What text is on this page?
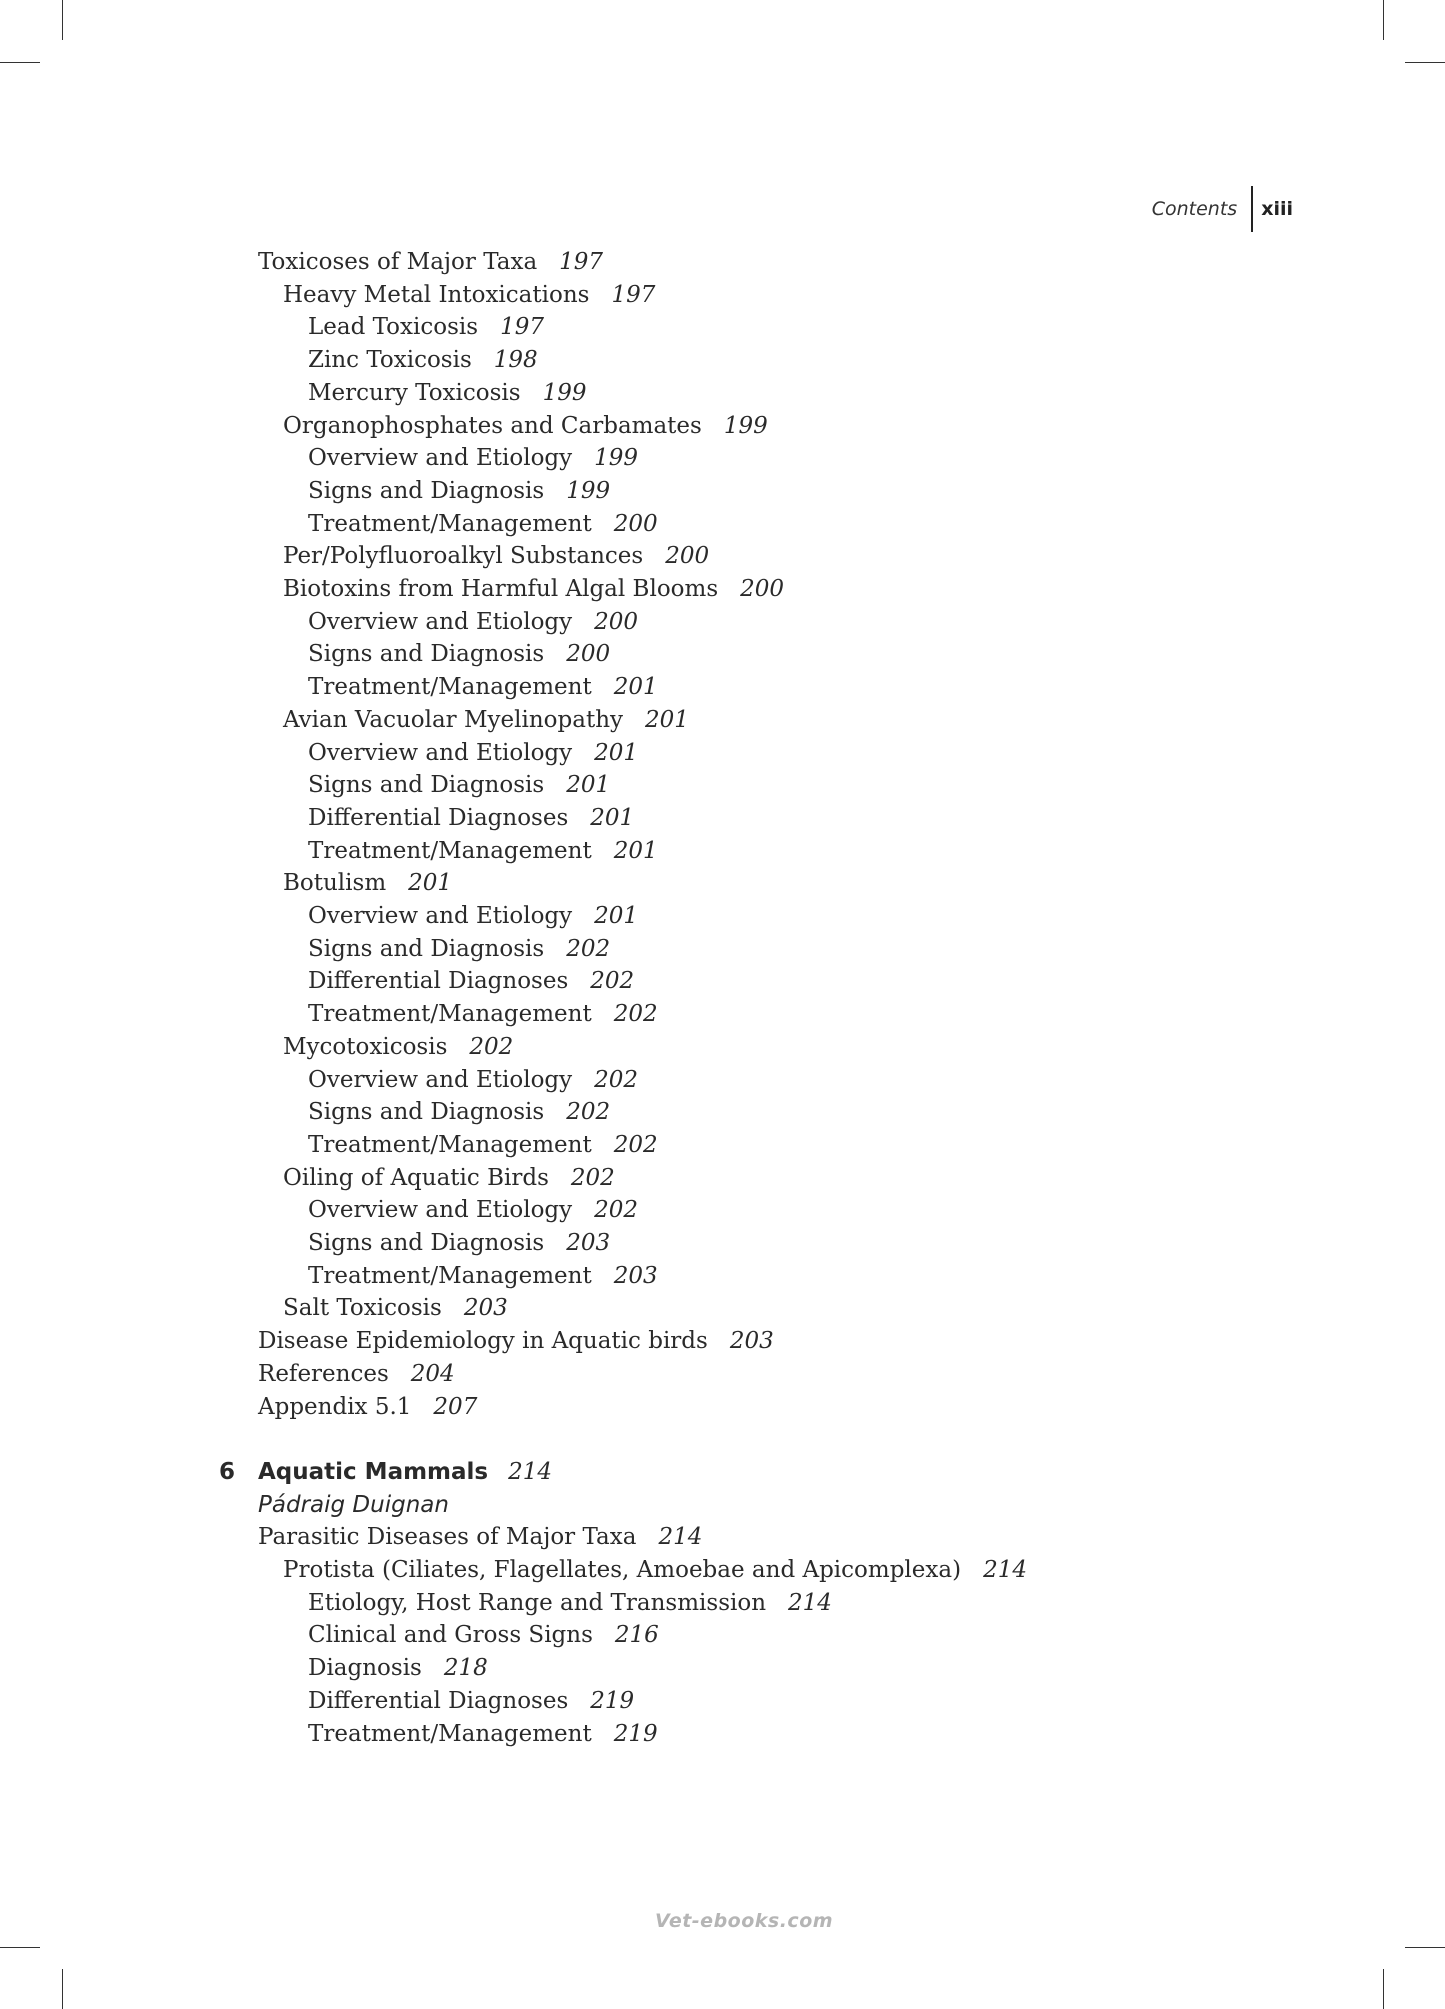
Contents	xiii
Toxicoses of Major Taxa 197
Heavy Metal Intoxications 197
Lead Toxicosis 197
Zinc Toxicosis 198
Mercury Toxicosis 199
Organophosphates and Carbamates 199
Overview and Etiology 199
Signs and Diagnosis 199
Treatment/Management 200
Per/Polyfluoroalkyl Substances 200
Biotoxins from Harmful Algal Blooms 200
Overview and Etiology 200
Signs and Diagnosis 200
Treatment/Management 201
Avian Vacuolar Myelinopathy 201
Overview and Etiology 201
Signs and Diagnosis 201
Differential Diagnoses 201
Treatment/Management 201
Botulism 201
Overview and Etiology 201
Signs and Diagnosis 202
Differential Diagnoses 202
Treatment/Management 202
Mycotoxicosis 202
Overview and Etiology 202
Signs and Diagnosis 202
Treatment/Management 202
Oiling of Aquatic Birds 202
Overview and Etiology 202
Signs and Diagnosis 203
Treatment/Management 203
Salt Toxicosis 203
Disease Epidemiology in Aquatic birds 203
References 204
Appendix 5.1 207
6 Aquatic Mammals 214
Pádraig Duignan
Parasitic Diseases of Major Taxa 214
Protista (Ciliates, Flagellates, Amoebae and Apicomplexa) 214
Etiology, Host Range and Transmission 214
Clinical and Gross Signs 216
Diagnosis 218
Differential Diagnoses 219
Treatment/Management 219
Vet-ebooks.com
